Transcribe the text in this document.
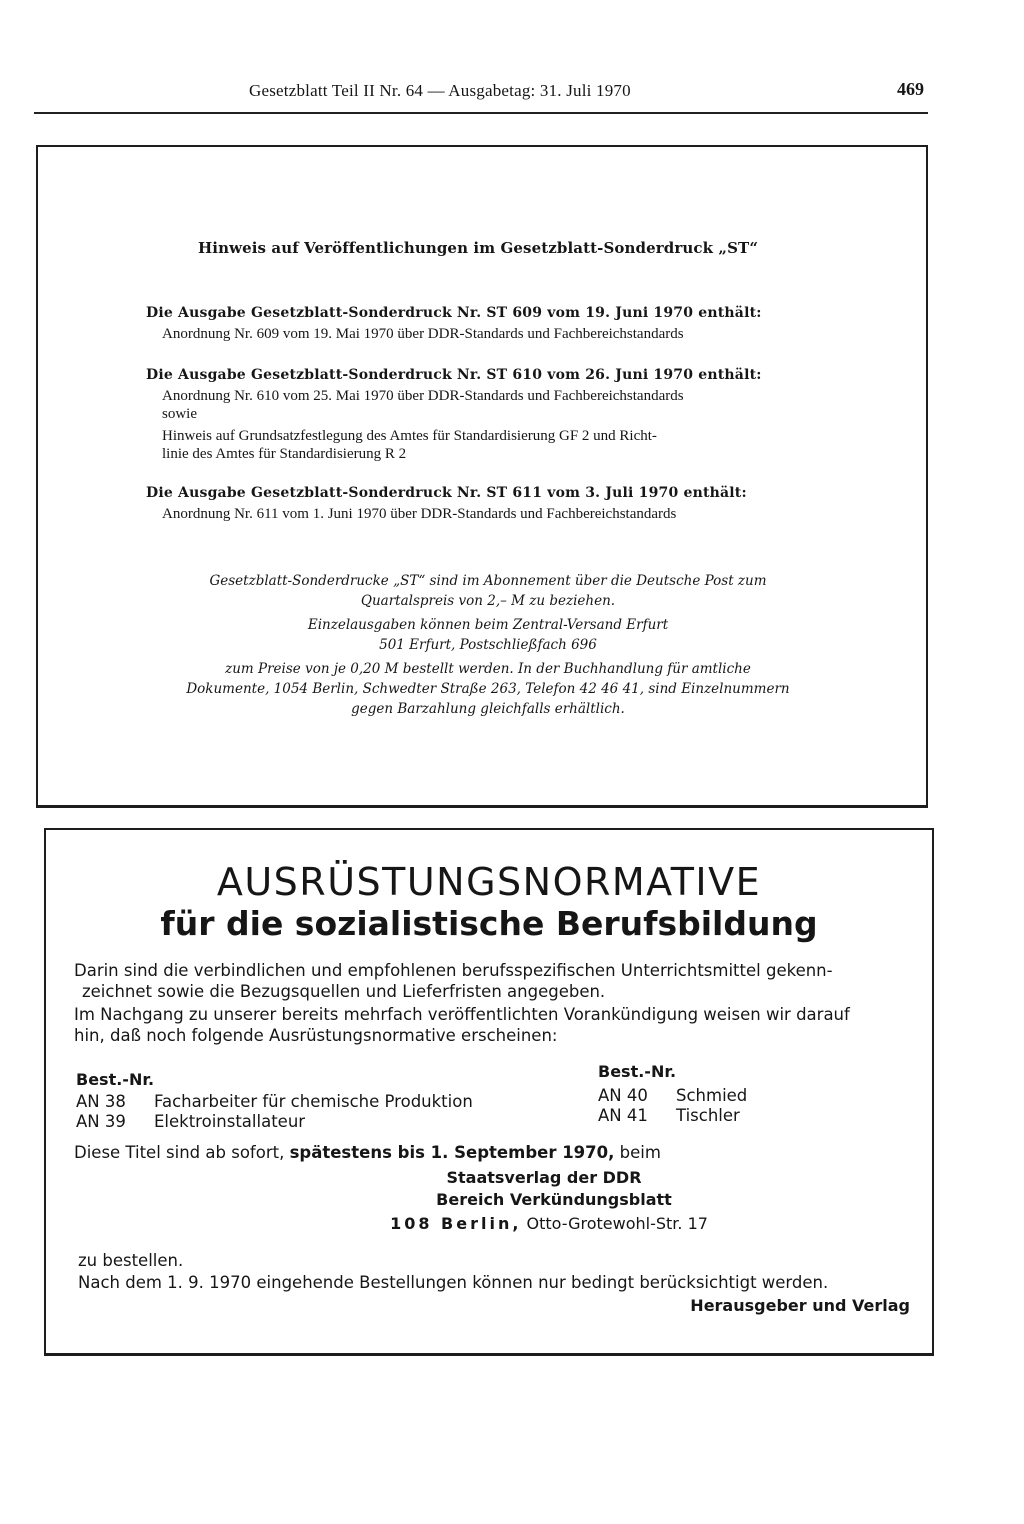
Gesetzblatt Teil II Nr. 64 — Ausgabetag: 31. Juli 1970	469
Hinweis auf Veröffentlichungen im Gesetzblatt-Sonderdruck „ST“
Die Ausgabe Gesetzblatt-Sonderdruck Nr. ST 609 vom 19. Juni 1970 enthält:
Anordnung Nr. 609 vom 19. Mai 1970 über DDR-Standards und Fachbereichstandards
Die Ausgabe Gesetzblatt-Sonderdruck Nr. ST 610 vom 26. Juni 1970 enthält:
Anordnung Nr. 610 vom 25. Mai 1970 über DDR-Standards und Fachbereichstandards
sowie
Hinweis auf Grundsatzfestlegung des Amtes für Standardisierung GF 2 und Richt-
linie des Amtes für Standardisierung R 2
Die Ausgabe Gesetzblatt-Sonderdruck Nr. ST 611 vom 3. Juli 1970 enthält:
Anordnung Nr. 611 vom 1. Juni 1970 über DDR-Standards und Fachbereichstandards
Gesetzblatt-Sonderdrucke „ST“ sind im Abonnement über die Deutsche Post zum
Quartalspreis von 2,– M zu beziehen.
Einzelausgaben können beim Zentral-Versand Erfurt
501 Erfurt, Postschließfach 696
zum Preise von je 0,20 M bestellt werden. In der Buchhandlung für amtliche
Dokumente, 1054 Berlin, Schwedter Straße 263, Telefon 42 46 41, sind Einzelnummern
gegen Barzahlung gleichfalls erhältlich.
AUSRÜSTUNGSNORMATIVE
für die sozialistische Berufsbildung
Darin sind die verbindlichen und empfohlenen berufsspezifischen Unterrichtsmittel gekenn-
zeichnet sowie die Bezugsquellen und Lieferfristen angegeben.
Im Nachgang zu unserer bereits mehrfach veröffentlichten Vorankündigung weisen wir darauf
hin, daß noch folgende Ausrüstungsnormative erscheinen:
Best.-Nr.
AN 38 Facharbeiter für chemische Produktion
AN 39 Elektroinstallateur
Best.-Nr.
AN 40 Schmied
AN 41 Tischler
Diese Titel sind ab sofort, spätestens bis 1. September 1970, beim
Staatsverlag der DDR
Bereich Verkündungsblatt
108 Berlin, Otto-Grotewohl-Str. 17
zu bestellen.
Nach dem 1. 9. 1970 eingehende Bestellungen können nur bedingt berücksichtigt werden.
Herausgeber und Verlag
